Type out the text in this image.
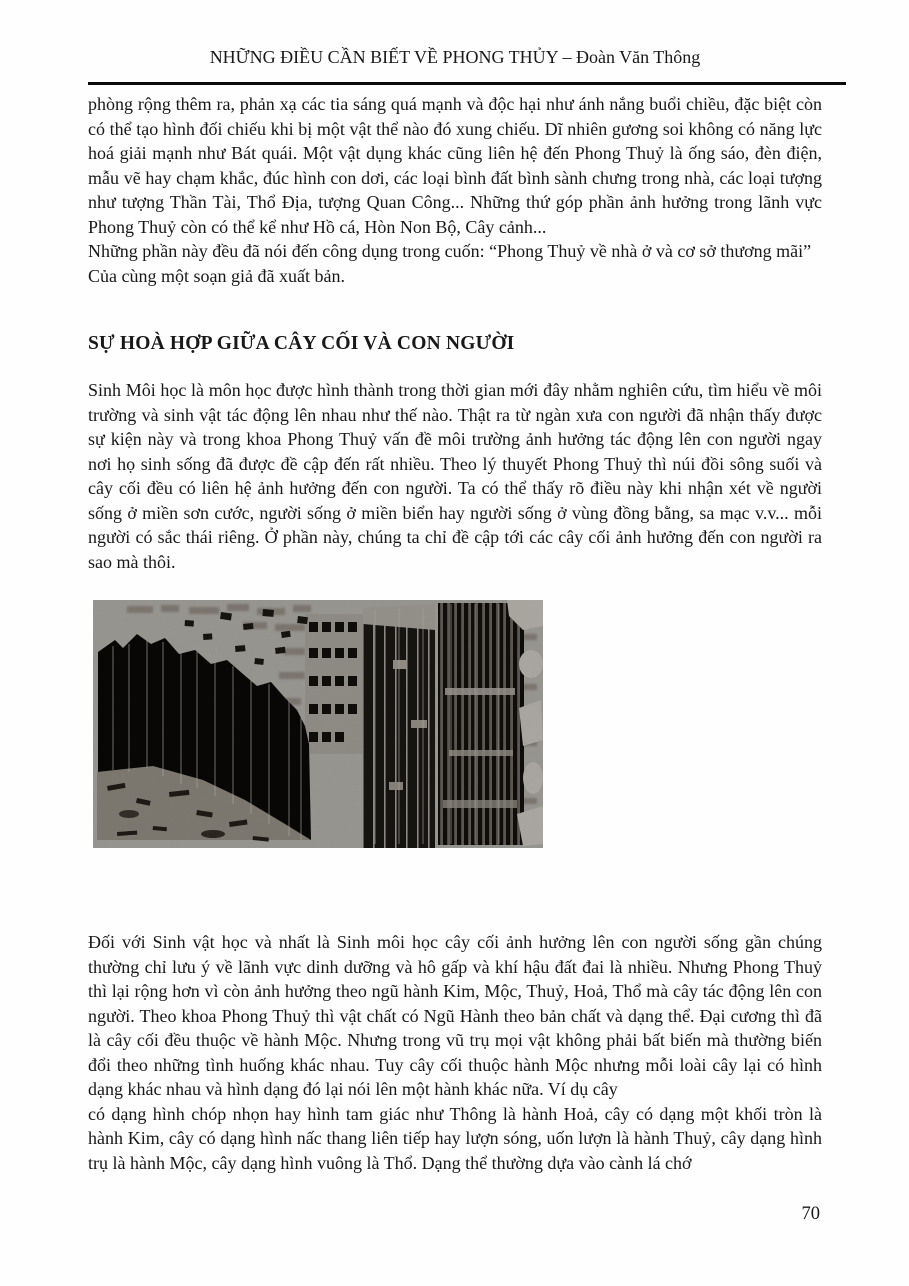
NHỮNG ĐIỀU CẦN BIẾT VỀ PHONG THỦY – Đoàn Văn Thông

phòng rộng thêm ra, phản xạ các tia sáng quá mạnh và độc hại như ánh nắng buổi chiều, đặc biệt còn có thể tạo hình đối chiếu khi bị một vật thể nào đó xung chiếu. Dĩ nhiên gương soi không có năng lực hoá giải mạnh như Bát quái. Một vật dụng khác cũng liên hệ đến Phong Thuỷ là ống sáo, đèn điện, mẫu vẽ hay chạm khắc, đúc hình con dơi, các loại bình đất bình sành chưng trong nhà, các loại tượng như tượng Thần Tài, Thổ Địa, tượng Quan Công... Những thứ góp phần ảnh hưởng trong lãnh vực Phong Thuỷ còn có thể kể như Hồ cá, Hòn Non Bộ, Cây cảnh...

Những phần này đều đã nói đến công dụng trong cuốn: “Phong Thuỷ về nhà ở và cơ sở thương mãi”

Của cùng một soạn giả đã xuất bản.

SỰ HOÀ HỢP GIỮA CÂY CỐI VÀ CON NGƯỜI

Sinh Môi học là môn học được hình thành trong thời gian mới đây nhằm nghiên cứu, tìm hiểu về môi trường và sinh vật tác động lên nhau như thế nào. Thật ra từ ngàn xưa con người đã nhận thấy được sự kiện này và trong khoa Phong Thuỷ vấn đề môi trường ảnh hưởng tác động lên con người ngay nơi họ sinh sống đã được đề cập đến rất nhiều. Theo lý thuyết Phong Thuỷ thì núi đồi sông suối và cây cối đều có liên hệ ảnh hưởng đến con người. Ta có thể thấy rõ điều này khi nhận xét về người sống ở miền sơn cước, người sống ở miền biển hay người sống ở vùng đồng bằng, sa mạc v.v... mỗi người có sắc thái riêng. Ở phần này, chúng ta chỉ đề cập tới các cây cối ảnh hưởng đến con người ra sao mà thôi.

Đối với Sinh vật học và nhất là Sinh môi học cây cối ảnh hưởng lên con người sống gần chúng thường chỉ lưu ý về lãnh vực dinh dưỡng và hô gấp và khí hậu đất đai là nhiều. Nhưng Phong Thuỷ thì lại rộng hơn vì còn ảnh hưởng theo ngũ hành Kim, Mộc, Thuỷ, Hoả, Thổ mà cây tác động lên con người. Theo khoa Phong Thuỷ thì vật chất có Ngũ Hành theo bản chất và dạng thể. Đại cương thì đã là cây cối đều thuộc về hành Mộc. Nhưng trong vũ trụ mọi vật không phải bất biến mà thường biến đổi theo những tình huống khác nhau. Tuy cây cối thuộc hành Mộc nhưng mỗi loài cây lại có hình dạng khác nhau và hình dạng đó lại nói lên một hành khác nữa. Ví dụ cây

có dạng hình chóp nhọn hay hình tam giác như Thông là hành Hoả, cây có dạng một khối tròn là hành Kim, cây có dạng hình nấc thang liên tiếp hay lượn sóng, uốn lượn là hành Thuỷ, cây dạng hình trụ là hành Mộc, cây dạng hình vuông là Thổ. Dạng thể thường dựa vào cành lá chớ

70
